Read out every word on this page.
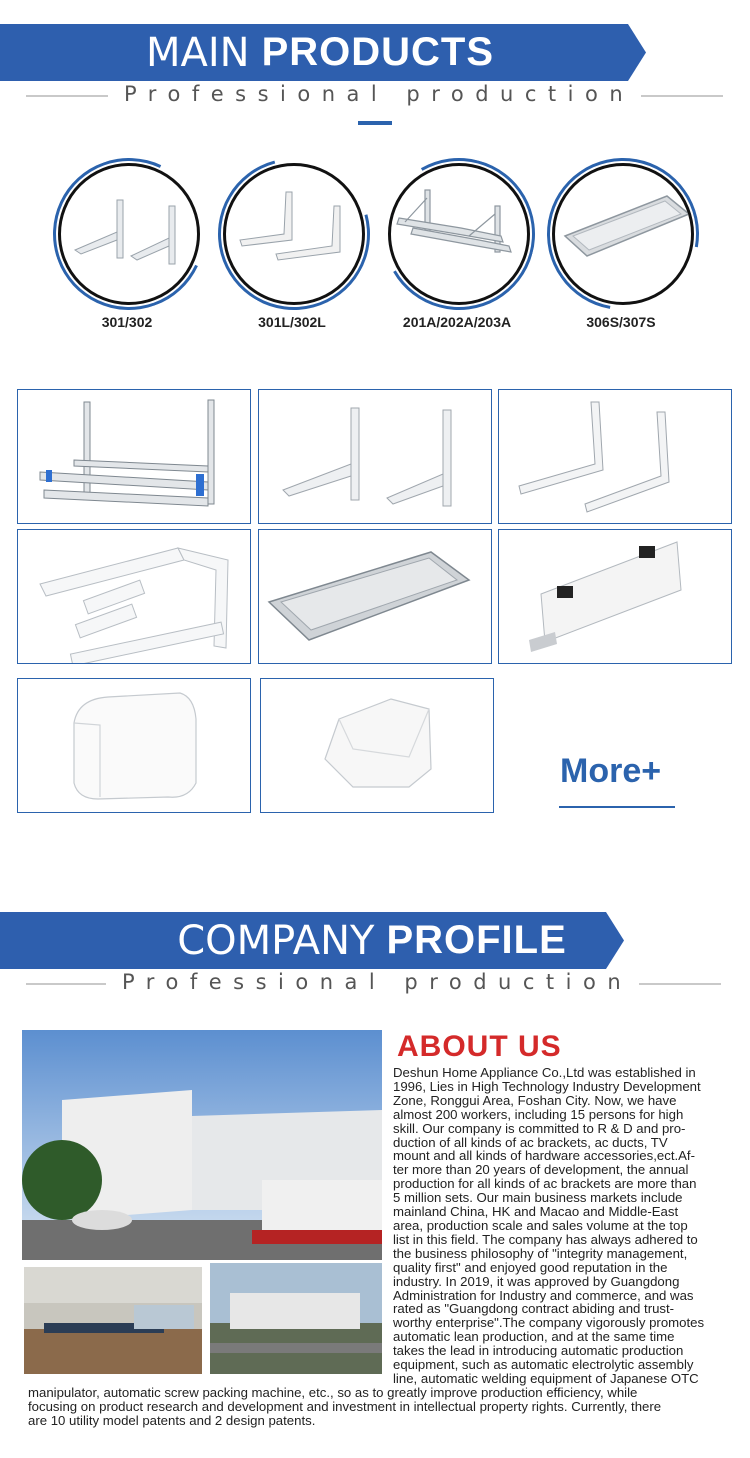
MAIN PRODUCTS
Professional production
301/302	301L/302L	201A/202A/203A	306S/307S
More+
COMPANY PROFILE
Professional production
ABOUT US
Deshun Home Appliance Co.,Ltd was established in
1996, Lies in High Technology Industry Development
Zone, Ronggui Area, Foshan City. Now, we have
almost 200 workers, including 15 persons for high
skill. Our company is committed to R & D and pro-
duction of all kinds of ac brackets, ac ducts, TV
mount and all kinds of hardware accessories,ect.Af-
ter more than 20 years of development, the annual
production for all kinds of ac brackets are more than
5 million sets. Our main business markets include
mainland China, HK and Macao and Middle-East
area, production scale and sales volume at the top
list in this field. The company has always adhered to
the business philosophy of "integrity management,
quality first" and enjoyed good reputation in the
industry. In 2019, it was approved by Guangdong
Administration for Industry and commerce, and was
rated as "Guangdong contract abiding and trust-
worthy enterprise".The company vigorously promotes
automatic lean production, and at the same time
takes the lead in introducing automatic production
equipment, such as automatic electrolytic assembly
line, automatic welding equipment of Japanese OTC
manipulator, automatic screw packing machine, etc., so as to greatly improve production efficiency, while
focusing on product research and development and investment in intellectual property rights. Currently, there
are 10 utility model patents and 2 design patents.
